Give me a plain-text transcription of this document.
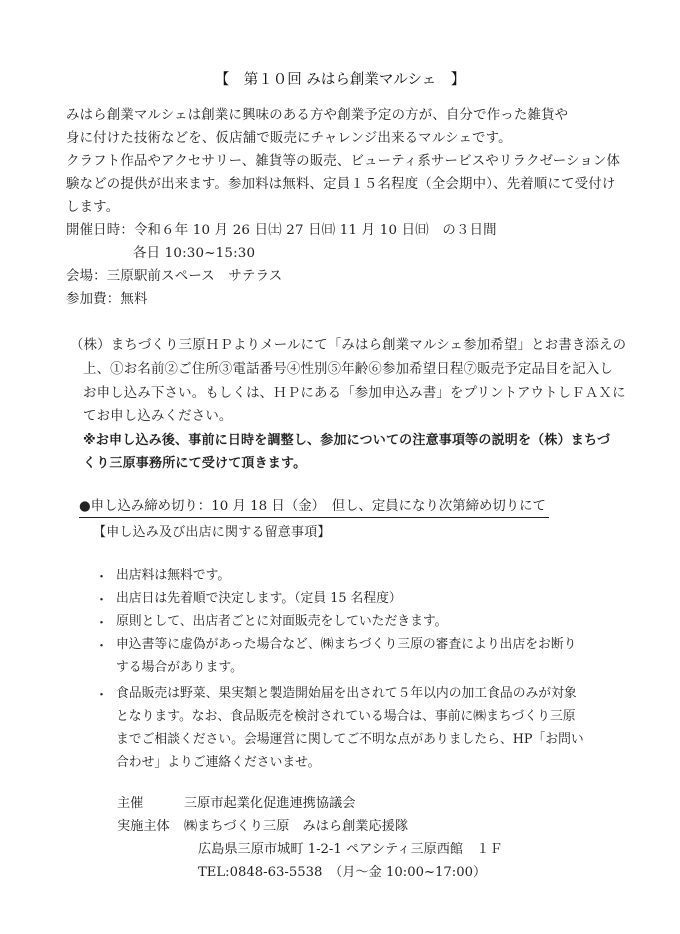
【　第１０回 みはら創業マルシェ　】
みはら創業マルシェは創業に興味のある方や創業予定の方が、自分で作った雑貨や
身に付けた技術などを、仮店舗で販売にチャレンジ出来るマルシェです。
クラフト作品やアクセサリー、雑貨等の販売、ビューティ系サービスやリラクゼーション体
験などの提供が出来ます。参加料は無料、定員１５名程度（全会期中）、先着順にて受付け
します。
開催日時：令和６年 10 月 26 日㈯ 27 日㈰ 11 月 10 日㈰　の３日間
各日 10:30~15:30
会場：三原駅前スペース　サテラス
参加費：無料
（株）まちづくり三原ＨＰよりメールにて「みはら創業マルシェ参加希望」とお書き添えの
上、①お名前②ご住所③電話番号④性別⑤年齢⑥参加希望日程⑦販売予定品目を記入し
お申し込み下さい。もしくは、ＨＰにある「参加申込み書」をプリントアウトしＦＡＸに
てお申し込みください。
※お申し込み後、事前に日時を調整し、参加についての注意事項等の説明を（株）まちづ
くり三原事務所にて受けて頂きます。
●申し込み締め切り：10 月 18 日（金）　但し、定員になり次第締め切りにて
【申し込み及び出店に関する留意事項】
・ 出店料は無料です。
・ 出店日は先着順で決定します。（定員 15 名程度）
・ 原則として、出店者ごとに対面販売をしていただきます。
・ 申込書等に虚偽があった場合など、㈱まちづくり三原の審査により出店をお断り
する場合があります。
・ 食品販売は野菜、果実類と製造開始届を出されて５年以内の加工食品のみが対象
となります。なお、食品販売を検討されている場合は、事前に㈱まちづくり三原
までご相談ください。会場運営に関してご不明な点がありましたら、HP「お問い
合わせ」よりご連絡くださいませ。
主催	三原市起業化促進連携協議会
実施主体 ㈱まちづくり三原　みはら創業応援隊
広島県三原市城町 1-2-1 ペアシティ三原西館　１Ｆ
TEL:0848-63-5538　（月～金 10:00~17:00）
